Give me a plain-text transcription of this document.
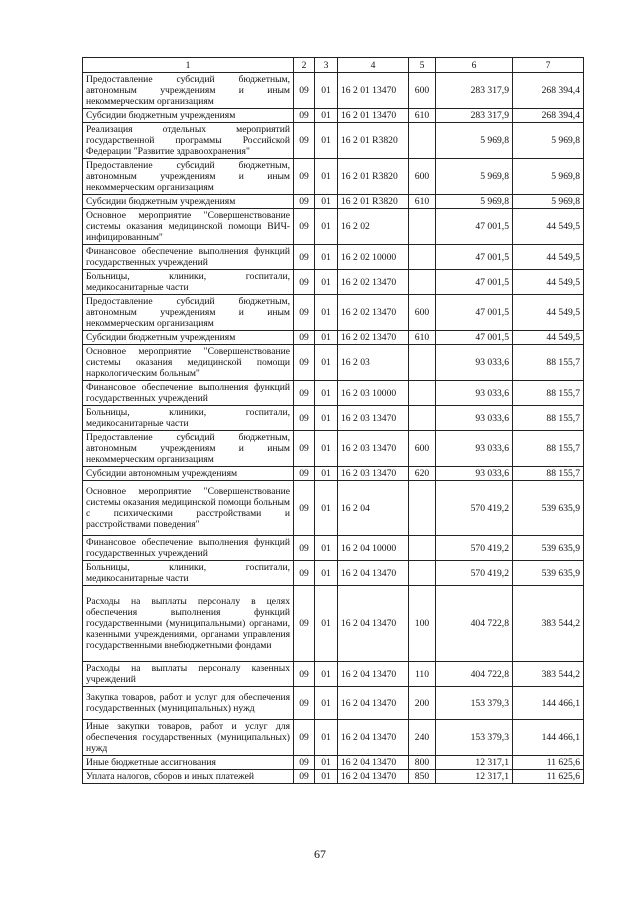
1	2	3	4	5	6	7
Предоставление субсидий бюджетным, автономным учреждениям и иным некоммерческим организациям	09	01	16 2 01 13470	600	283 317,9	268 394,4
Субсидии бюджетным учреждениям	09	01	16 2 01 13470	610	283 317,9	268 394,4
Реализация отдельных мероприятий государственной программы Российской Федерации "Развитие здравоохранения"	09	01	16 2 01 R3820		5 969,8	5 969,8
Предоставление субсидий бюджетным, автономным учреждениям и иным некоммерческим организациям	09	01	16 2 01 R3820	600	5 969,8	5 969,8
Субсидии бюджетным учреждениям	09	01	16 2 01 R3820	610	5 969,8	5 969,8
Основное мероприятие "Совершенствование системы оказания медицинской помощи ВИЧ-инфицированным"	09	01	16 2 02		47 001,5	44 549,5
Финансовое обеспечение выполнения функций государственных учреждений	09	01	16 2 02 10000		47 001,5	44 549,5
Больницы, клиники, госпитали, медикосанитарные части	09	01	16 2 02 13470		47 001,5	44 549,5
Предоставление субсидий бюджетным, автономным учреждениям и иным некоммерческим организациям	09	01	16 2 02 13470	600	47 001,5	44 549,5
Субсидии бюджетным учреждениям	09	01	16 2 02 13470	610	47 001,5	44 549,5
Основное мероприятие "Совершенствование системы оказания медицинской помощи наркологическим больным"	09	01	16 2 03		93 033,6	88 155,7
Финансовое обеспечение выполнения функций государственных учреждений	09	01	16 2 03 10000		93 033,6	88 155,7
Больницы, клиники, госпитали, медикосанитарные части	09	01	16 2 03 13470		93 033,6	88 155,7
Предоставление субсидий бюджетным, автономным учреждениям и иным некоммерческим организациям	09	01	16 2 03 13470	600	93 033,6	88 155,7
Субсидии автономным учреждениям	09	01	16 2 03 13470	620	93 033,6	88 155,7
Основное мероприятие "Совершенствование системы оказания медицинской помощи больным с психическими расстройствами и расстройствами поведения"	09	01	16 2 04		570 419,2	539 635,9
Финансовое обеспечение выполнения функций государственных учреждений	09	01	16 2 04 10000		570 419,2	539 635,9
Больницы, клиники, госпитали, медикосанитарные части	09	01	16 2 04 13470		570 419,2	539 635,9
Расходы на выплаты персоналу в целях обеспечения выполнения функций государственными (муниципальными) органами, казенными учреждениями, органами управления государственными внебюджетными фондами	09	01	16 2 04 13470	100	404 722,8	383 544,2
Расходы на выплаты персоналу казенных учреждений	09	01	16 2 04 13470	110	404 722,8	383 544,2
Закупка товаров, работ и услуг для обеспечения государственных (муниципальных) нужд	09	01	16 2 04 13470	200	153 379,3	144 466,1
Иные закупки товаров, работ и услуг для обеспечения государственных (муниципальных) нужд	09	01	16 2 04 13470	240	153 379,3	144 466,1
Иные бюджетные ассигнования	09	01	16 2 04 13470	800	12 317,1	11 625,6
Уплата налогов, сборов и иных платежей	09	01	16 2 04 13470	850	12 317,1	11 625,6
67
